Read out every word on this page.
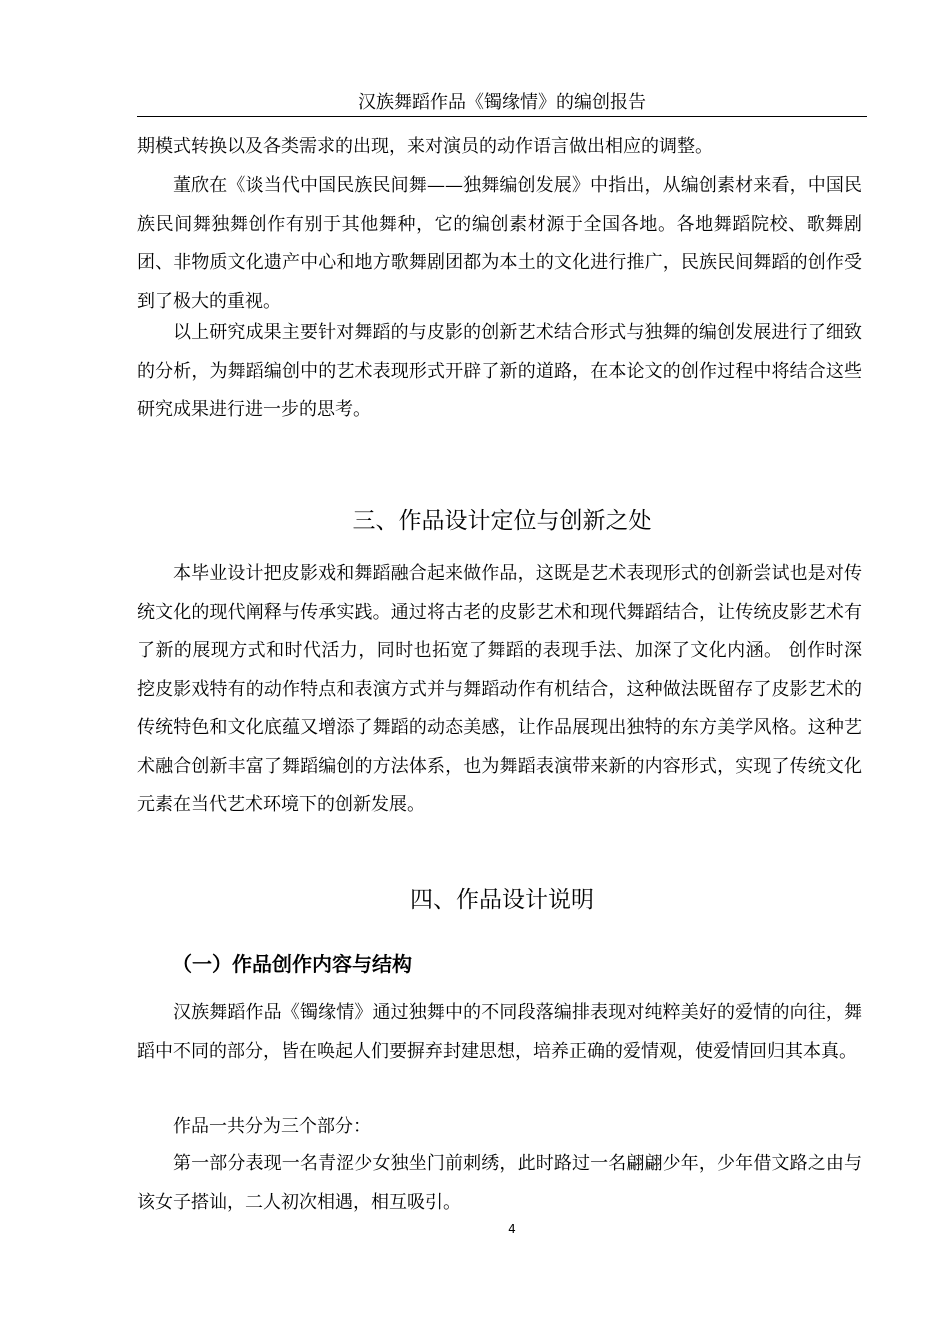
汉族舞蹈作品《镯缘情》的编创报告

期模式转换以及各类需求的出现，来对演员的动作语言做出相应的调整。

董欣在《谈当代中国民族民间舞——独舞编创发展》中指出，从编创素材来看，中国民族民间舞独舞创作有别于其他舞种，它的编创素材源于全国各地。各地舞蹈院校、歌舞剧团、非物质文化遗产中心和地方歌舞剧团都为本土的文化进行推广，民族民间舞蹈的创作受到了极大的重视。

以上研究成果主要针对舞蹈的与皮影的创新艺术结合形式与独舞的编创发展进行了细致的分析，为舞蹈编创中的艺术表现形式开辟了新的道路，在本论文的创作过程中将结合这些研究成果进行进一步的思考。

三、作品设计定位与创新之处

本毕业设计把皮影戏和舞蹈融合起来做作品，这既是艺术表现形式的创新尝试也是对传统文化的现代阐释与传承实践。通过将古老的皮影艺术和现代舞蹈结合，让传统皮影艺术有了新的展现方式和时代活力，同时也拓宽了舞蹈的表现手法、加深了文化内涵。 创作时深挖皮影戏特有的动作特点和表演方式并与舞蹈动作有机结合，这种做法既留存了皮影艺术的传统特色和文化底蕴又增添了舞蹈的动态美感，让作品展现出独特的东方美学风格。这种艺术融合创新丰富了舞蹈编创的方法体系，也为舞蹈表演带来新的内容形式，实现了传统文化元素在当代艺术环境下的创新发展。

四、作品设计说明
（一）作品创作内容与结构

汉族舞蹈作品《镯缘情》通过独舞中的不同段落编排表现对纯粹美好的爱情的向往，舞蹈中不同的部分，皆在唤起人们要摒弃封建思想，培养正确的爱情观，使爱情回归其本真。

作品一共分为三个部分：

第一部分表现一名青涩少女独坐门前刺绣，此时路过一名翩翩少年，少年借文路之由与该女子搭讪，二人初次相遇，相互吸引。

4
